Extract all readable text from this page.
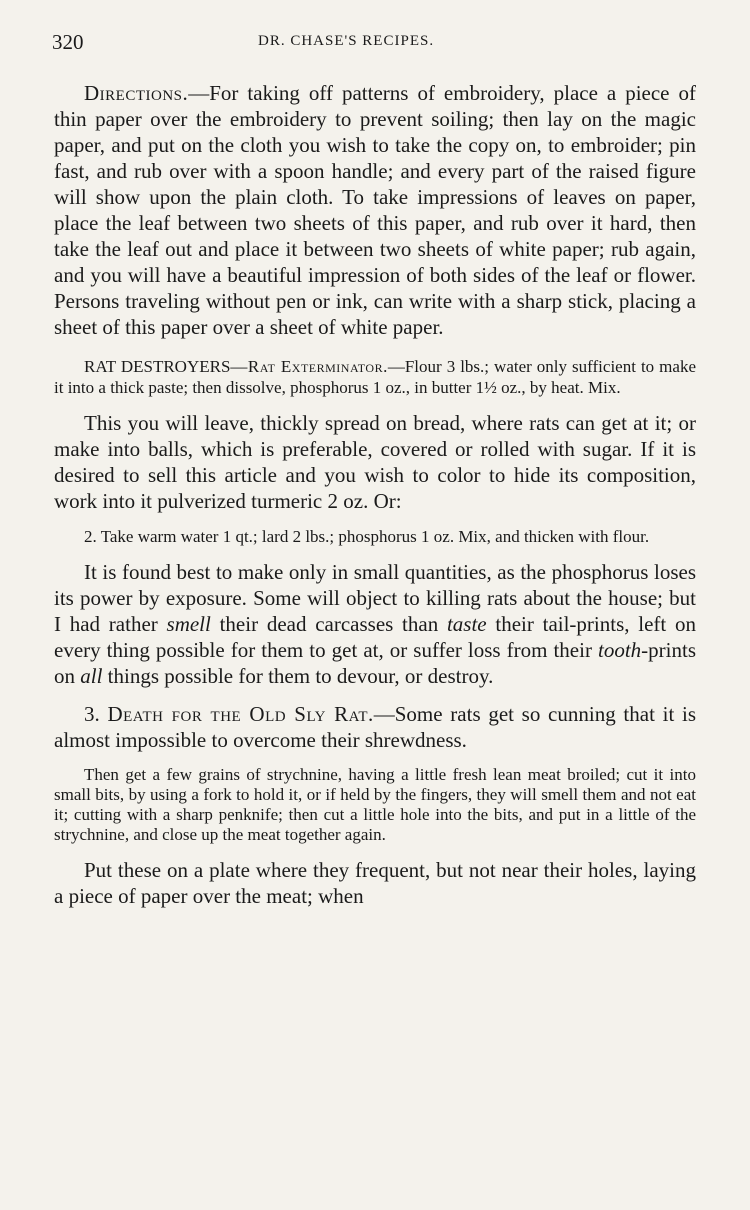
320	DR. CHASE'S RECIPES.

Directions.—For taking off patterns of embroidery, place a piece of thin paper over the embroidery to prevent soiling; then lay on the magic paper, and put on the cloth you wish to take the copy on, to embroider; pin fast, and rub over with a spoon handle; and every part of the raised figure will show upon the plain cloth. To take impressions of leaves on paper, place the leaf between two sheets of this paper, and rub over it hard, then take the leaf out and place it between two sheets of white paper; rub again, and you will have a beautiful impression of both sides of the leaf or flower. Persons traveling without pen or ink, can write with a sharp stick, placing a sheet of this paper over a sheet of white paper.

RAT DESTROYERS—Rat Exterminator.—Flour 3 lbs.; water only sufficient to make it into a thick paste; then dissolve, phosphorus 1 oz., in butter 1½ oz., by heat. Mix.

This you will leave, thickly spread on bread, where rats can get at it; or make into balls, which is preferable, covered or rolled with sugar. If it is desired to sell this article and you wish to color to hide its composition, work into it pulverized turmeric 2 oz. Or:

2. Take warm water 1 qt.; lard 2 lbs.; phosphorus 1 oz. Mix, and thicken with flour.

It is found best to make only in small quantities, as the phosphorus loses its power by exposure. Some will object to killing rats about the house; but I had rather smell their dead carcasses than taste their tail-prints, left on every thing possible for them to get at, or suffer loss from their tooth-prints on all things possible for them to devour, or destroy.

3. Death for the Old Sly Rat.—Some rats get so cunning that it is almost impossible to overcome their shrewdness.

Then get a few grains of strychnine, having a little fresh lean meat broiled; cut it into small bits, by using a fork to hold it, or if held by the fingers, they will smell them and not eat it; cutting with a sharp penknife; then cut a little hole into the bits, and put in a little of the strychnine, and close up the meat together again.

Put these on a plate where they frequent, but not near their holes, laying a piece of paper over the meat; when
